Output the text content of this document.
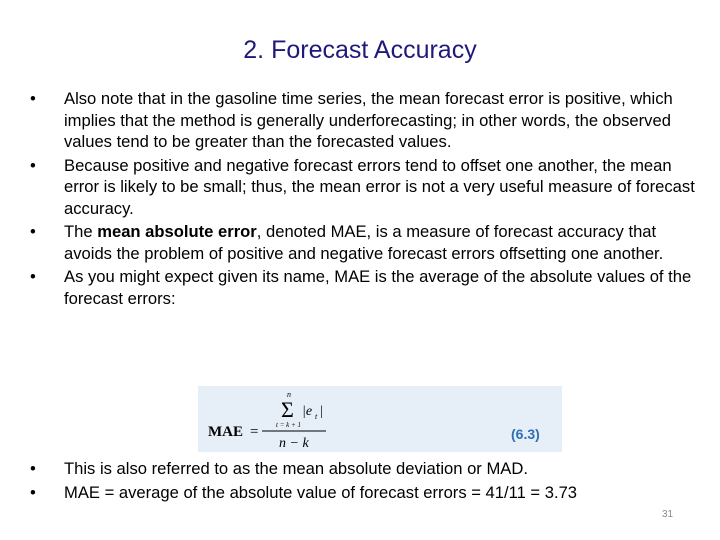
2. Forecast Accuracy
•	Also note that in the gasoline time series, the mean forecast error is positive, which implies that the method is generally underforecasting; in other words, the observed values tend to be greater than the forecasted values.
•	Because positive and negative forecast errors tend to offset one another, the mean error is likely to be small; thus, the mean error is not a very useful measure of forecast accuracy.
•	The mean absolute error, denoted MAE, is a measure of forecast accuracy that avoids the problem of positive and negative forecast errors offsetting one another.
•	As you might expect given its name, MAE is the average of the absolute values of the forecast errors:
MAE =
n
Σ
t = k + 1
|e t |
n − k
(6.3)
•	This is also referred to as the mean absolute deviation or MAD.
•	MAE = average of the absolute value of forecast errors = 41/11 = 3.73
31
